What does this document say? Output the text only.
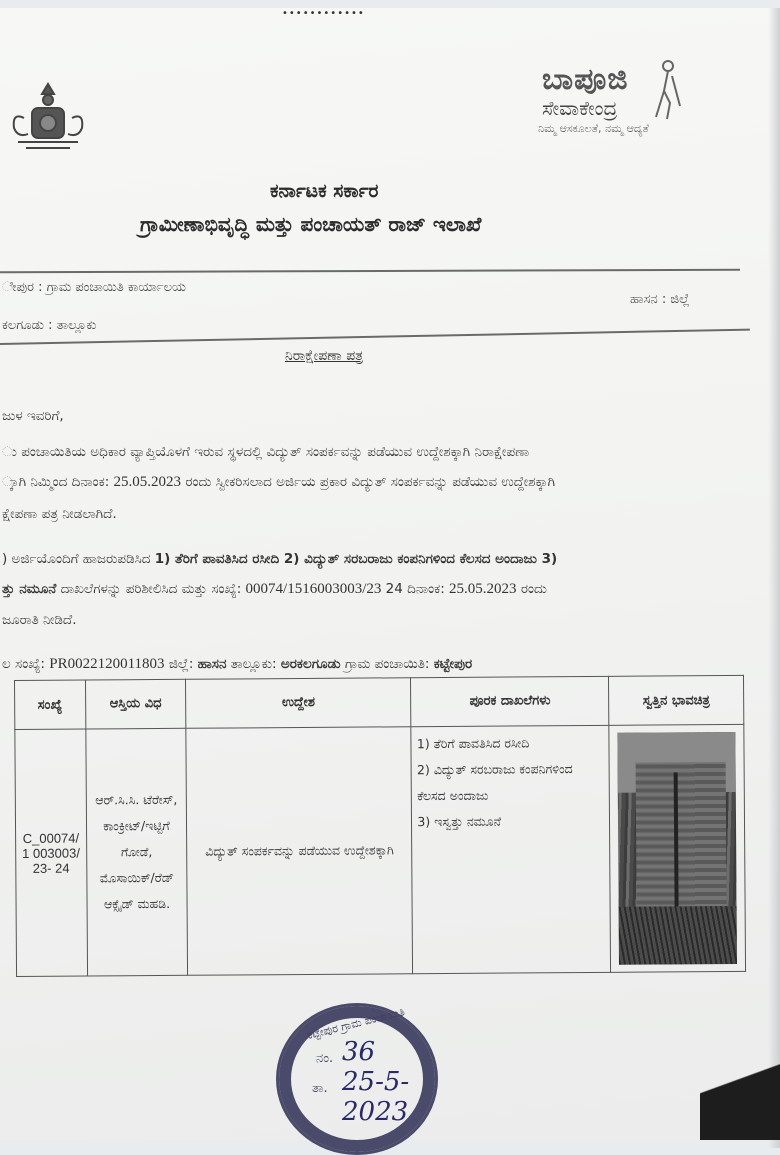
••••••••••••
ಬಾಪೂಜಿ
ಸೇವಾಕೇಂದ್ರ
ನಿಮ್ಮ ಆಸಕೂಲತೆ, ನಮ್ಮ ಆದ್ಯತೆ
ಕರ್ನಾಟಕ ಸರ್ಕಾರ
ಗ್ರಾಮೀಣಾಭಿವೃದ್ಧಿ ಮತ್ತು ಪಂಚಾಯತ್ ರಾಜ್ ಇಲಾಖೆ
ೇಪುರ : ಗ್ರಾಮ ಪಂಚಾಯಿತಿ ಕಾರ್ಯಾಲಯ
ಹಾಸನ : ಜಿಲ್ಲೆ
ಕಲಗೂಡು : ತಾಲ್ಲೂಕು
ನಿರಾಕ್ಷೇಪಣಾ ಪತ್ರ
ಜುಳ ಇವರಿಗೆ,
ು ಪಂಚಾಯಿತಿಯ ಅಧಿಕಾರ ವ್ಯಾಪ್ತಿಯೊಳಗೆ ಇರುವ ಸ್ಥಳದಲ್ಲಿ ವಿದ್ಯುತ್ ಸಂಪರ್ಕವನ್ನು ಪಡೆಯುವ ಉದ್ದೇಶಕ್ಕಾಗಿ ನಿರಾಕ್ಷೇಪಣಾ
್ಕಾಗಿ ನಿಮ್ಮಿಂದ ದಿನಾಂಕ: 25.05.2023 ರಂದು ಸ್ವೀಕರಿಸಲಾದ ಅರ್ಜಿಯ ಪ್ರಕಾರ ವಿದ್ಯುತ್ ಸಂಪರ್ಕವನ್ನು ಪಡೆಯುವ ಉದ್ದೇಶಕ್ಕಾಗಿ
ಕ್ಷೇಪಣಾ ಪತ್ರ ನೀಡಲಾಗಿದೆ.
) ಅರ್ಜಿಯೊಂದಿಗೆ ಹಾಜರುಪಡಿಸಿದ 1) ತೆರಿಗೆ ಪಾವತಿಸಿದ ರಸೀದಿ 2) ವಿದ್ಯುತ್ ಸರಬರಾಜು ಕಂಪನಿಗಳಿಂದ ಕೆಲಸದ ಅಂದಾಜು 3)
ತ್ತು ನಮೂನೆ ದಾಖಲೆಗಳನ್ನು ಪರಿಶೀಲಿಸಿದ ಮತ್ತು ಸಂಖ್ಯೆ: 00074/1516003003/23 24 ದಿನಾಂಕ: 25.05.2023 ರಂದು
ಜೂರಾತಿ ನೀಡಿದೆ.
ಲ ಸಂಖ್ಯೆ: PR0022120011803 ಜಿಲ್ಲೆ: ಹಾಸನ ತಾಲ್ಲೂಕು: ಅರಕಲಗೂಡು ಗ್ರಾಮ ಪಂಚಾಯಿತಿ: ಕಟ್ಟೇಪುರ
ಸಂಖ್ಯೆ	ಆಸ್ತಿಯ ವಿಧ	ಉದ್ದೇಶ	ಪೂರಕ ದಾಖಲೆಗಳು	ಸ್ವತ್ತಿನ ಭಾವಚಿತ್ರ
C_00074/1 003003/23- 24	ಆರ್.ಸಿ.ಸಿ. ಟೆರೇಸ್, ಕಾಂಕ್ರೀಟ್/ಇಟ್ಟಿಗೆ ಗೋಡೆ, ಮೊಸಾಯಿಕ್/ರೆಡ್ ಆಕ್ಸೈಡ್ ಮಹಡಿ.	ವಿದ್ಯುತ್ ಸಂಪರ್ಕವನ್ನು ಪಡೆಯುವ ಉದ್ದೇಶಕ್ಕಾಗಿ	1) ತೆರಿಗೆ ಪಾವತಿಸಿದ ರಸೀದಿ
2) ವಿದ್ಯುತ್ ಸರಬರಾಜು ಕಂಪನಿಗಳಿಂದ ಕೆಲಸದ ಅಂದಾಜು
3) ಇಸ್ವತ್ತು ನಮೂನೆ	

ಕಟ್ಟೇಪುರ ಗ್ರಾಮ ಪಂಚಾಯಿತಿ
ನಂ. 36
ತಾ. 25-5-2023
